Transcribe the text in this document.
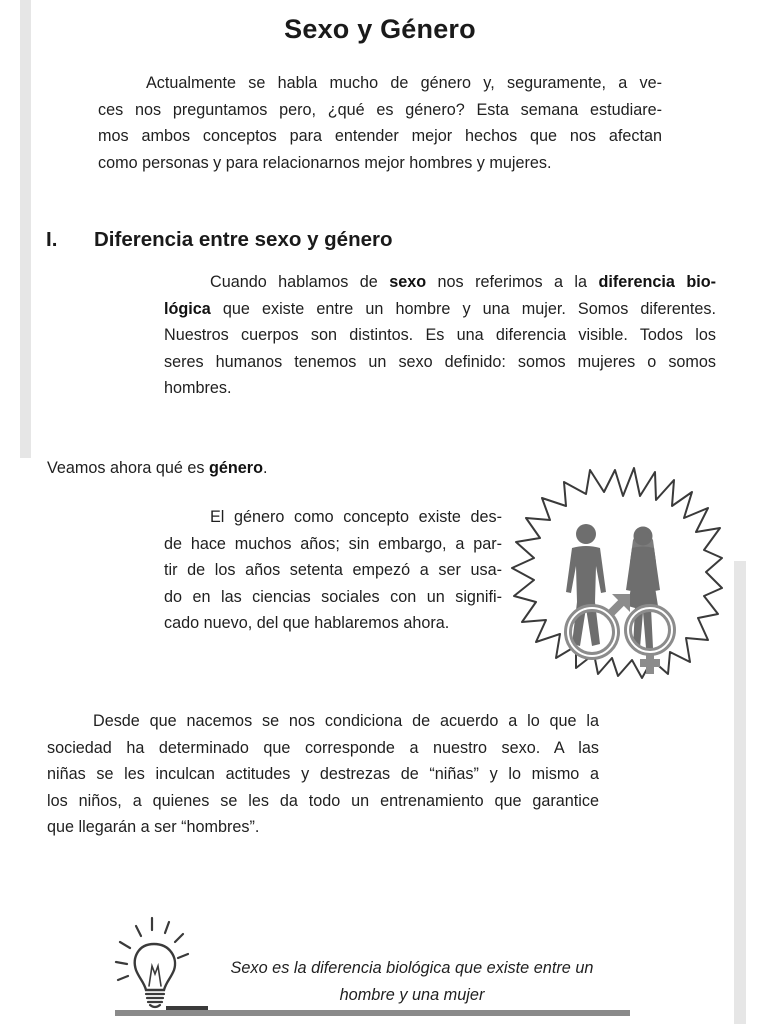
Sexo y Género
Actualmente se habla mucho de género y, seguramente, a ve-
ces nos preguntamos pero, ¿qué es género? Esta semana estudiare-
mos ambos conceptos para entender mejor hechos que nos afectan
como personas y para relacionarnos mejor hombres y mujeres.
I. Diferencia entre sexo y género
Cuando hablamos de sexo nos referimos a la diferencia bio-
lógica que existe entre un hombre y una mujer. Somos diferentes.
Nuestros cuerpos son distintos. Es una diferencia visible. Todos los
seres humanos tenemos un sexo definido: somos mujeres o somos
hombres.
Veamos ahora qué es género.
El género como concepto existe des-
de hace muchos años; sin embargo, a par-
tir de los años setenta empezó a ser usa-
do en las ciencias sociales con un signifi-
cado nuevo, del que hablaremos ahora.
Desde que nacemos se nos condiciona de acuerdo a lo que la
sociedad ha determinado que corresponde a nuestro sexo. A las
niñas se les inculcan actitudes y destrezas de “niñas” y lo mismo a
los niños, a quienes se les da todo un entrenamiento que garantice
que llegarán a ser “hombres”.
Sexo es la diferencia biológica que existe entre un
hombre y una mujer
